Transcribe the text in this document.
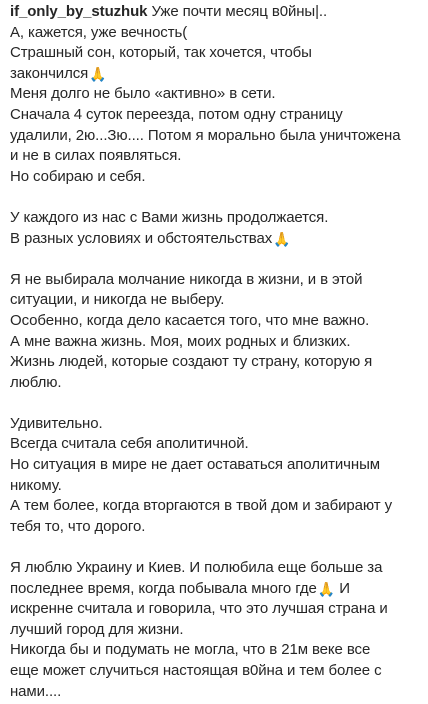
if_only_by_stuzhuk Уже почти месяц в0йны|..
А, кажется, уже вечность(
Страшный сон, который, так хочется, чтобы
закончился🙏
Меня долго не было «активно» в сети.
Сначала 4 суток переезда, потом одну страницу
удалили, 2ю...Зю.... Потом я морально была уничтожена
и не в силах появляться.
Но собираю и себя.
У каждого из нас с Вами жизнь продолжается.
В разных условиях и обстоятельствах🙏
Я не выбирала молчание никогда в жизни, и в этой
ситуации, и никогда не выберу.
Особенно, когда дело касается того, что мне важно.
А мне важна жизнь. Моя, моих родных и близких.
Жизнь людей, которые создают ту страну, которую я
люблю.
Удивительно.
Всегда считала себя аполитичной.
Но ситуация в мире не дает оставаться аполитичным
никому.
А тем более, когда вторгаются в твой дом и забирают у
тебя то, что дорого.
Я люблю Украину и Киев. И полюбила еще больше за
последнее время, когда побывала много где🙏 И
искренне считала и говорила, что это лучшая страна и
лучший город для жизни.
Никогда бы и подумать не могла, что в 21м веке все
еще может случиться настоящая в0йна и тем более с
нами....
